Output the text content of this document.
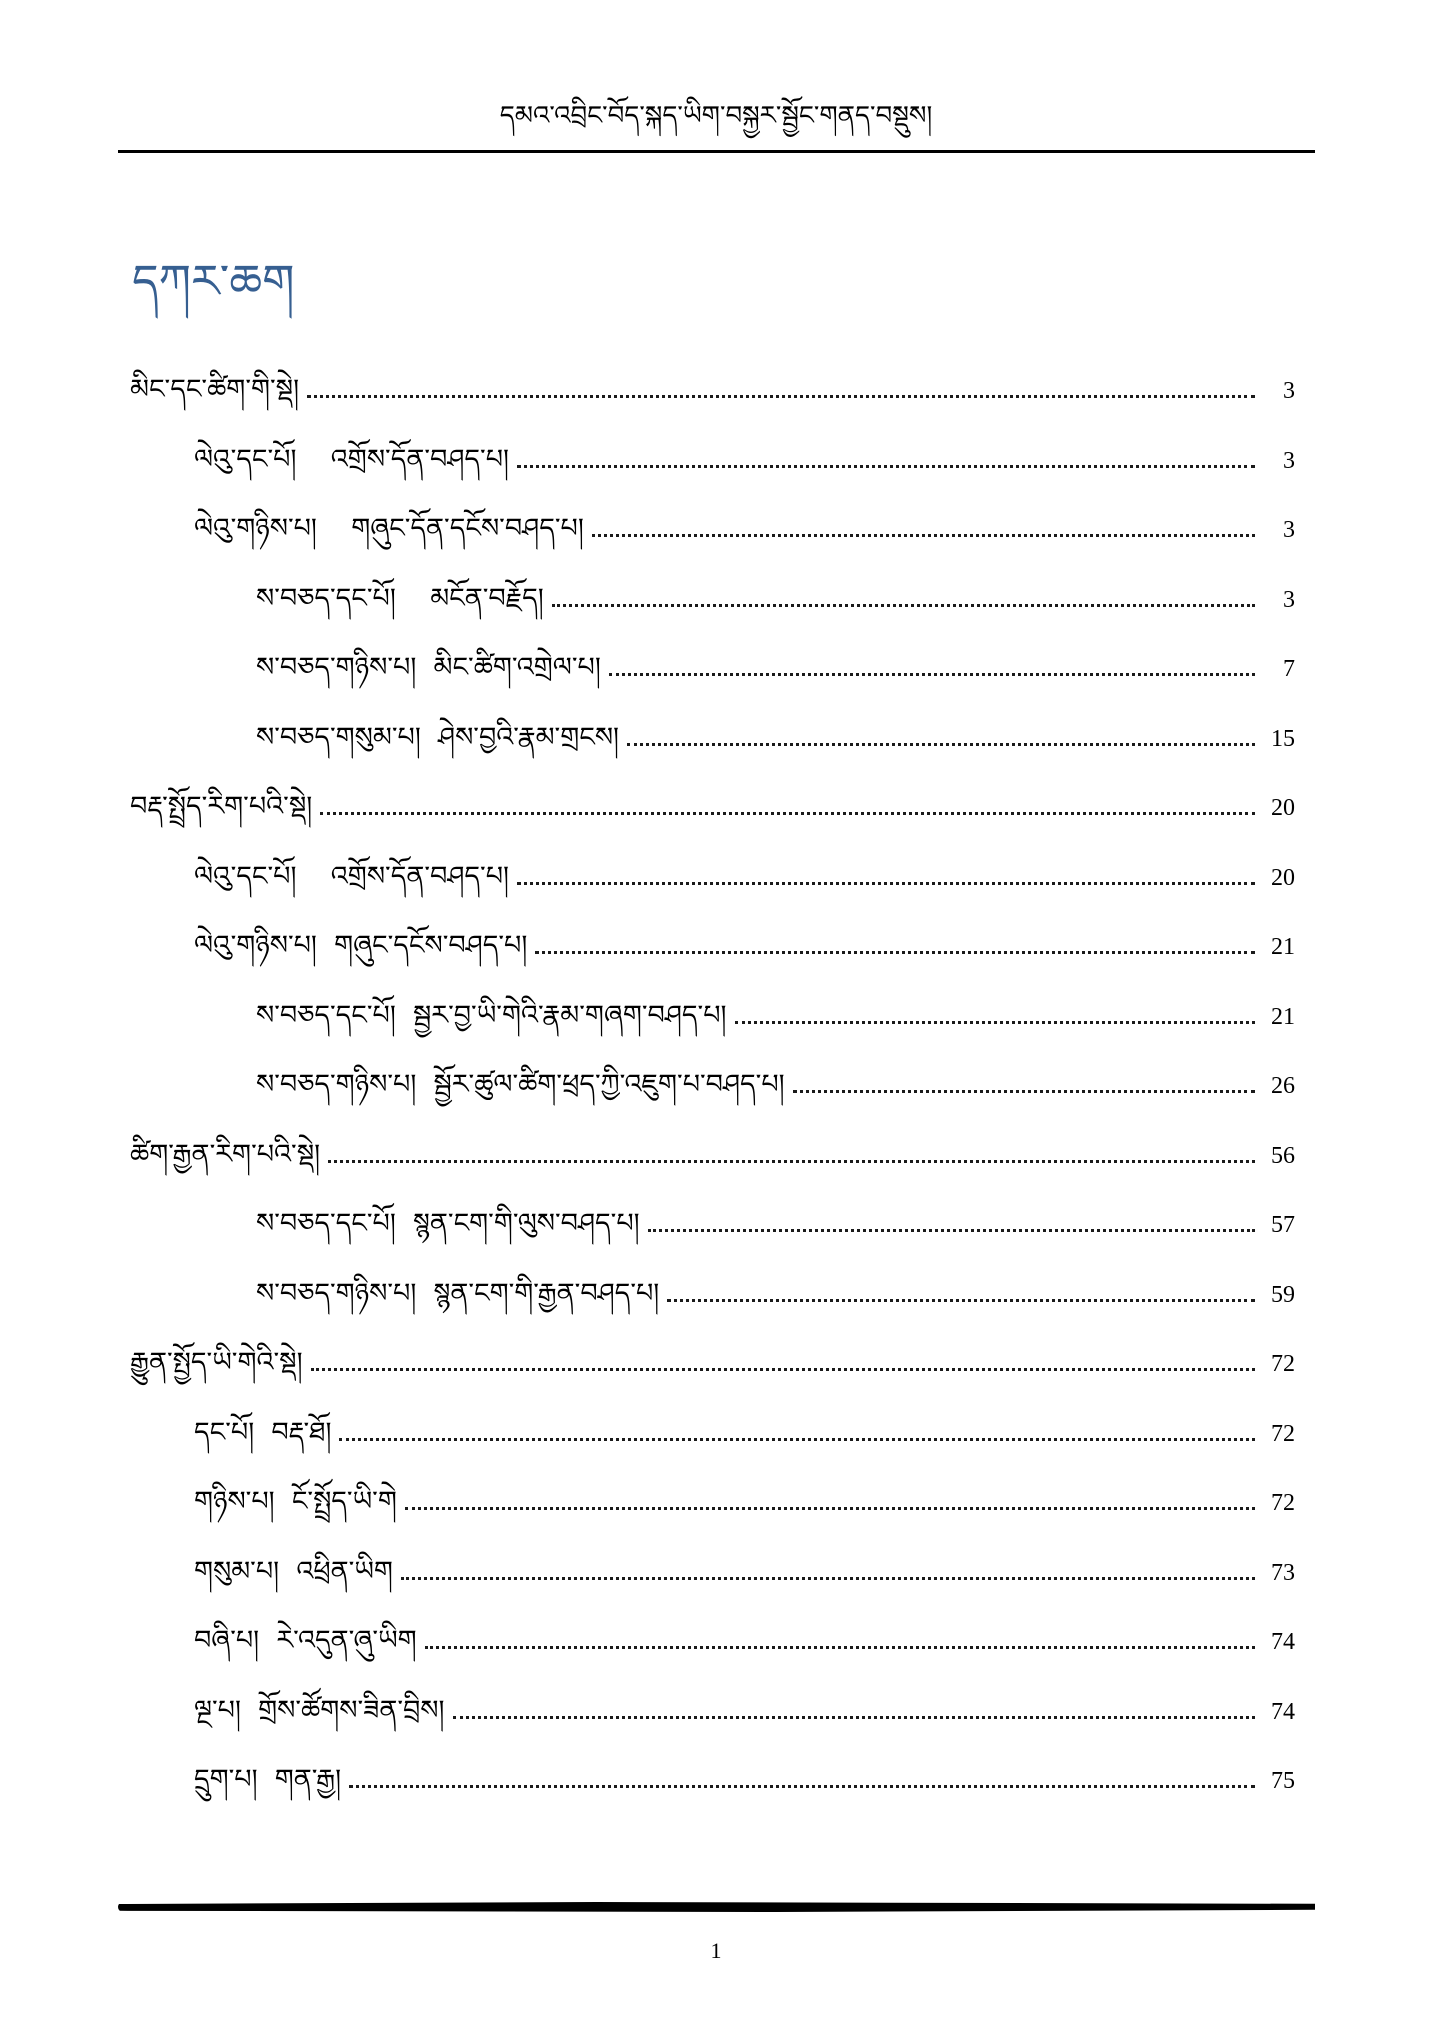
དམའ་འབྲིང་བོད་སྐད་ཡིག་བསྐྱར་སྦྱོང་གནད་བསྡུས།
དཀར་ཆག
མིང་དང་ཚིག་གི་སྡེ།	3
ལེའུ་དང་པོ།    འགྲོས་དོན་བཤད་པ།	3
ལེའུ་གཉིས་པ།    གཞུང་དོན་དངོས་བཤད་པ།	3
ས་བཅད་དང་པོ།    མངོན་བརྗོད།	3
ས་བཅད་གཉིས་པ།  མིང་ཚིག་འགྲེལ་པ།	7
ས་བཅད་གསུམ་པ།  ཤེས་བྱའི་རྣམ་གྲངས།	15
བརྡ་སྤྲོད་རིག་པའི་སྡེ།	20
ལེའུ་དང་པོ།    འགྲོས་དོན་བཤད་པ།	20
ལེའུ་གཉིས་པ།  གཞུང་དངོས་བཤད་པ།	21
ས་བཅད་དང་པོ།  སྦྱར་བྱ་ཡི་གེའི་རྣམ་གཞག་བཤད་པ།	21
ས་བཅད་གཉིས་པ།  སྦྱོར་ཚུལ་ཚིག་ཕྲད་ཀྱི་འཇུག་པ་བཤད་པ།	26
ཚིག་རྒྱན་རིག་པའི་སྡེ།	56
ས་བཅད་དང་པོ།  སྙན་ངག་གི་ལུས་བཤད་པ།	57
ས་བཅད་གཉིས་པ།  སྙན་ངག་གི་རྒྱན་བཤད་པ།	59
རྒྱུན་སྤྱོད་ཡི་གེའི་སྡེ།	72
དང་པོ།  བརྡ་ཐོ།	72
གཉིས་པ།  ངོ་སྤྲོད་ཡི་གེ	72
གསུམ་པ།  འཕྲིན་ཡིག	73
བཞི་པ།  རེ་འདུན་ཞུ་ཡིག	74
ལྔ་པ།  གྲོས་ཚོགས་ཟིན་བྲིས།	74
དྲུག་པ།  གན་རྒྱ།	75
1
